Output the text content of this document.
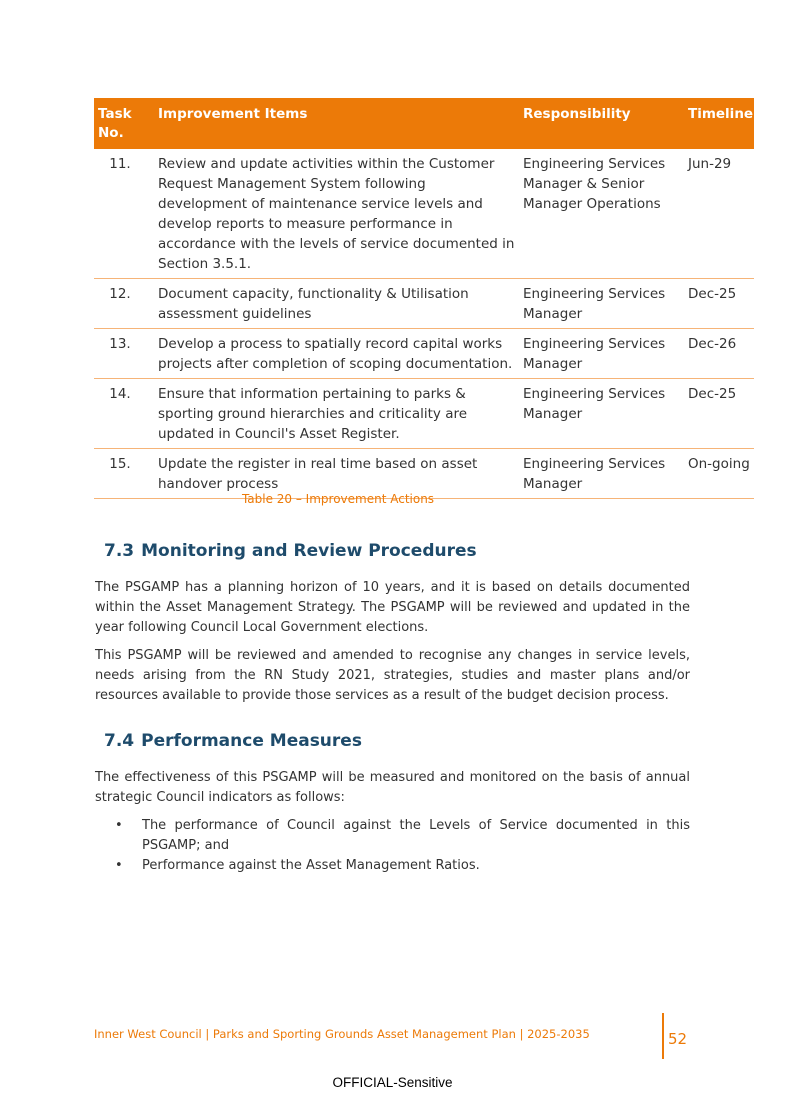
Task No.	Improvement Items	Responsibility	Timeline
11.	Review and update activities within the Customer Request Management System following development of maintenance service levels and develop reports to measure performance in accordance with the levels of service documented in Section 3.5.1.	Engineering Services Manager & Senior Manager Operations	Jun-29
12.	Document capacity, functionality & Utilisation assessment guidelines	Engineering Services Manager	Dec-25
13.	Develop a process to spatially record capital works projects after completion of scoping documentation.	Engineering Services Manager	Dec-26
14.	Ensure that information pertaining to parks & sporting ground hierarchies and criticality are updated in Council's Asset Register.	Engineering Services Manager	Dec-25
15.	Update the register in real time based on asset handover process	Engineering Services Manager	On-going
Table 20 – Improvement Actions
7.3 Monitoring and Review Procedures

The PSGAMP has a planning horizon of 10 years, and it is based on details documented within the Asset Management Strategy. The PSGAMP will be reviewed and updated in the year following Council Local Government elections.

This PSGAMP will be reviewed and amended to recognise any changes in service levels, needs arising from the RN Study 2021, strategies, studies and master plans and/or resources available to provide those services as a result of the budget decision process.

7.4 Performance Measures

The effectiveness of this PSGAMP will be measured and monitored on the basis of annual strategic Council indicators as follows:

• The performance of Council against the Levels of Service documented in this PSGAMP; and
• Performance against the Asset Management Ratios.
Inner West Council | Parks and Sporting Grounds Asset Management Plan | 2025-2035	52
OFFICIAL-Sensitive
